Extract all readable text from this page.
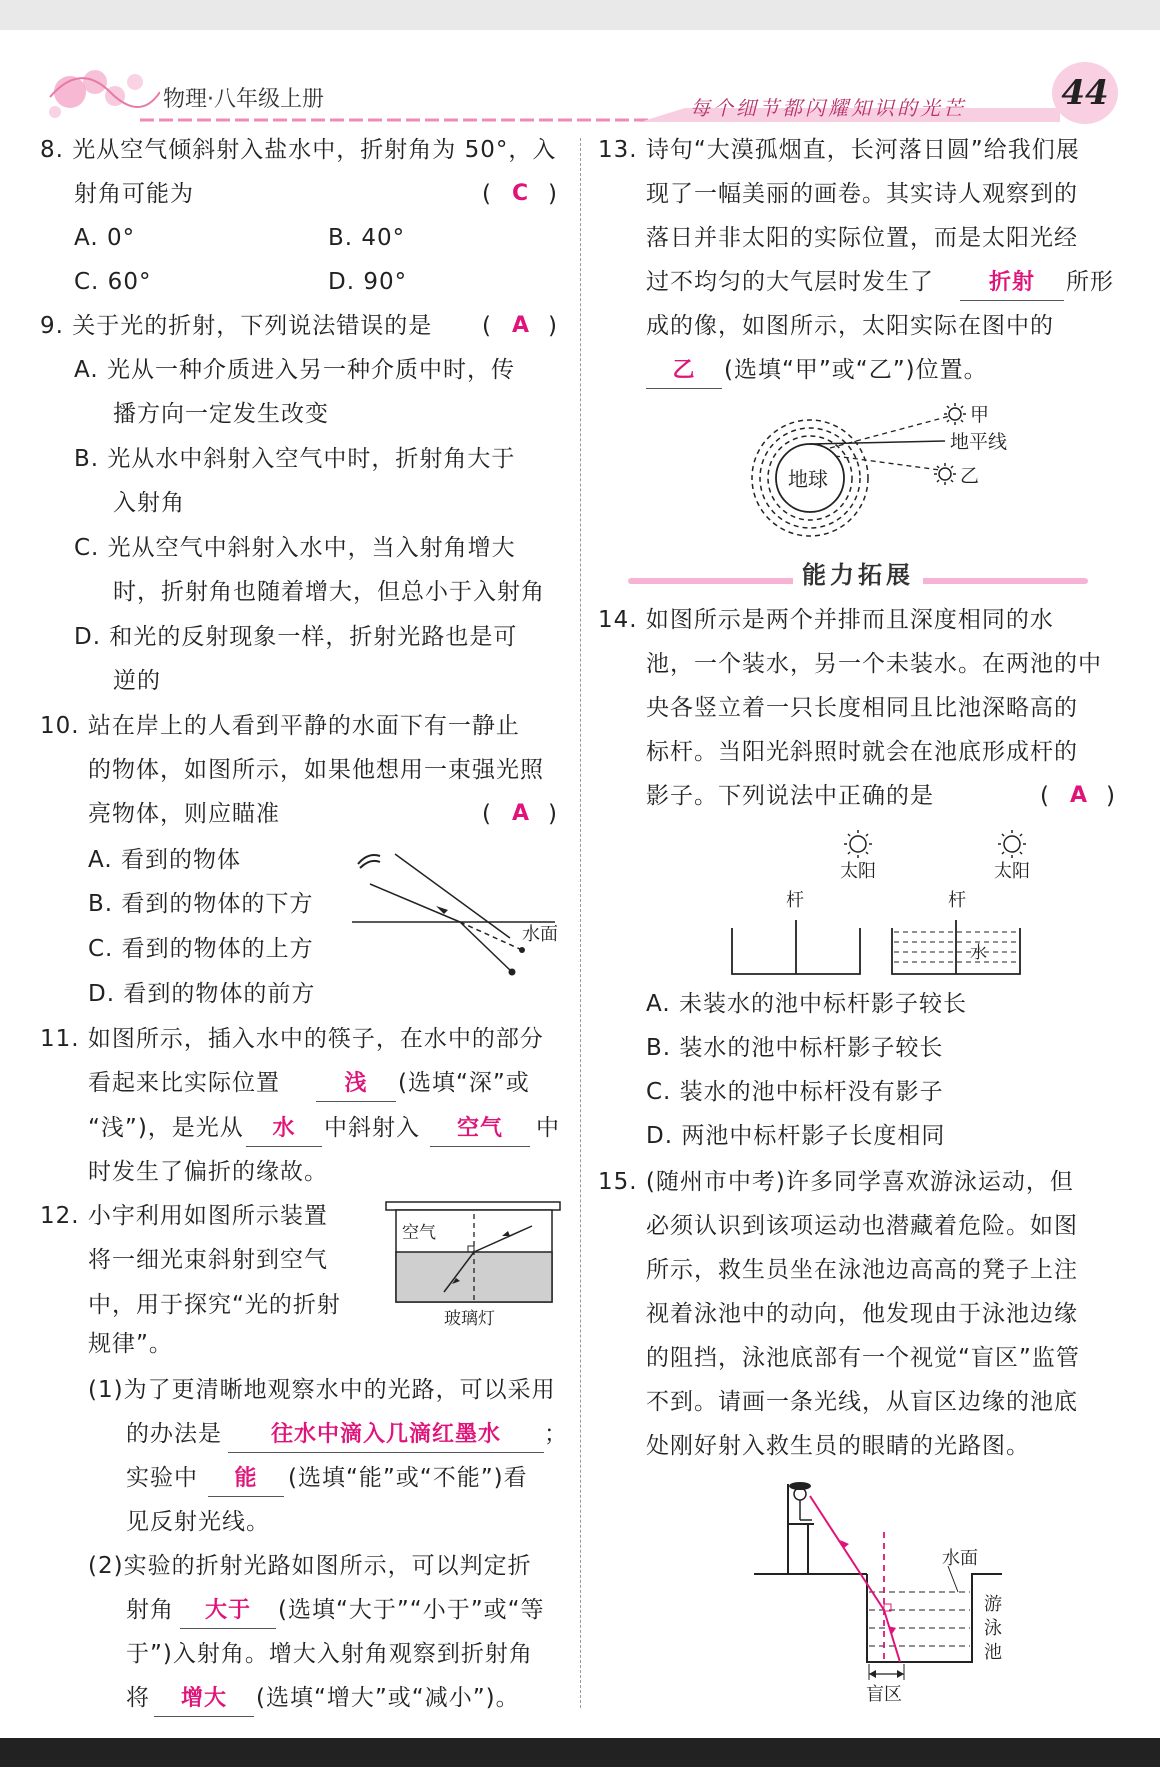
物理·八年级上册	每个细节都闪耀知识的光芒	44
8. 光从空气倾斜射入盐水中，折射角为 50°，入
射角可能为	( C )
A. 0°	B. 40°
C. 60°	D. 90°
9. 关于光的折射，下列说法错误的是 ( A )
A. 光从一种介质进入另一种介质中时，传
播方向一定发生改变
B. 光从水中斜射入空气中时，折射角大于
入射角
C. 光从空气中斜射入水中，当入射角增大
时，折射角也随着增大，但总小于入射角
D. 和光的反射现象一样，折射光路也是可
逆的
10. 站在岸上的人看到平静的水面下有一静止
的物体，如图所示，如果他想用一束强光照
亮物体，则应瞄准	( A )
A. 看到的物体
B. 看到的物体的下方
C. 看到的物体的上方
D. 看到的物体的前方
水面
11. 如图所示，插入水中的筷子，在水中的部分
看起来比实际位置	浅	(选填“深”或
“浅”)，是光从	水	中斜射入	空气	中
时发生了偏折的缘故。
12. 小宇利用如图所示装置
将一细光束斜射到空气
中，用于探究“光的折射
规律”。
空气
玻璃灯
(1)为了更清晰地观察水中的光路，可以采用
的办法是	往水中滴入几滴红墨水	；
实验中	能	(选填“能”或“不能”)看
见反射光线。
(2)实验的折射光路如图所示，可以判定折
射角	大于	(选填“大于”“小于”或“等
于”)入射角。增大入射角观察到折射角
将	增大	(选填“增大”或“减小”)。
13. 诗句“大漠孤烟直，长河落日圆”给我们展
现了一幅美丽的画卷。其实诗人观察到的
落日并非太阳的实际位置，而是太阳光经
过不均匀的大气层时发生了	折射	所形
成的像，如图所示，太阳实际在图中的
乙	(选填“甲”或“乙”)位置。
地球
甲
地平线
乙
能力拓展
14. 如图所示是两个并排而且深度相同的水
池，一个装水，另一个未装水。在两池的中
央各竖立着一只长度相同且比池深略高的
标杆。当阳光斜照时就会在池底形成杆的
影子。下列说法中正确的是	( A )
太阳	太阳
杆	杆
水
A. 未装水的池中标杆影子较长
B. 装水的池中标杆影子较长
C. 装水的池中标杆没有影子
D. 两池中标杆影子长度相同
15. (随州市中考)许多同学喜欢游泳运动，但
必须认识到该项运动也潜藏着危险。如图
所示，救生员坐在泳池边高高的凳子上注
视着泳池中的动向，他发现由于泳池边缘
的阻挡，泳池底部有一个视觉“盲区”监管
不到。请画一条光线，从盲区边缘的池底
处刚好射入救生员的眼睛的光路图。
水面
游
泳
池
盲区
